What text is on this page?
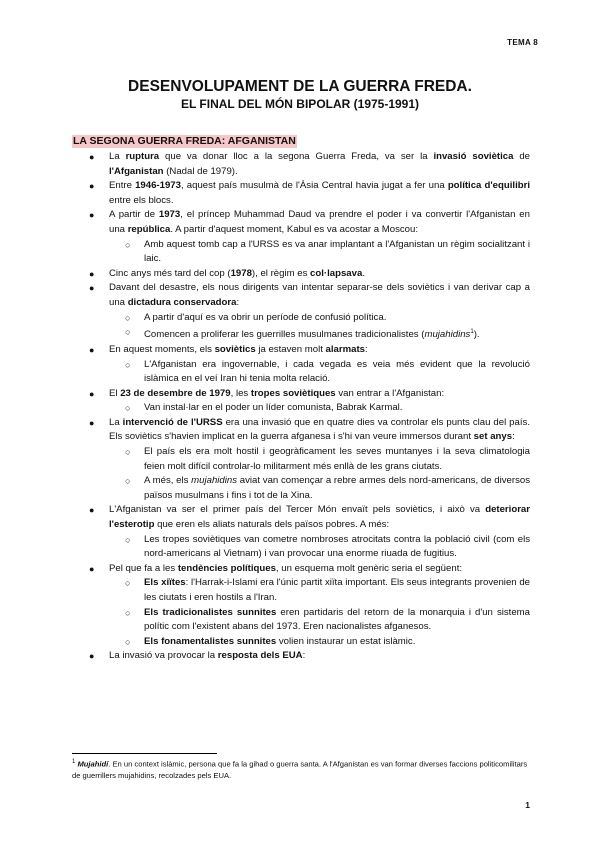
TEMA 8
DESENVOLUPAMENT DE LA GUERRA FREDA.
EL FINAL DEL MÓN BIPOLAR (1975-1991)
LA SEGONA GUERRA FREDA: AFGANISTAN
● La ruptura que va donar lloc a la segona Guerra Freda, va ser la invasió soviètica de l'Afganistan (Nadal de 1979).
● Entre 1946-1973, aquest país musulmà de l'Àsia Central havia jugat a fer una política d'equilibri entre els blocs.
● A partir de 1973, el príncep Muhammad Daud va prendre el poder i va convertir l'Afganistan en una república. A partir d'aquest moment, Kabul es va acostar a Moscou:
○ Amb aquest tomb cap a l'URSS es va anar implantant a l'Afganistan un règim socialitzant i laic.
● Cinc anys més tard del cop (1978), el règim es col·lapsava.
● Davant del desastre, els nous dirigents van intentar separar-se dels soviètics i van derivar cap a una dictadura conservadora:
○ A partir d'aquí es va obrir un període de confusió política.
○ Comencen a proliferar les guerrilles musulmanes tradicionalistes (mujahidins$^1$).
● En aquest moments, els soviètics ja estaven molt alarmats:
○ L'Afganistan era ingovernable, i cada vegada es veia més evident que la revolució islàmica en el veí Iran hi tenia molta relació.
● El 23 de desembre de 1979, les tropes soviètiques van entrar a l'Afganistan:
○ Van instal·lar en el poder un líder comunista, Babrak Karmal.
● La intervenció de l'URSS era una invasió que en quatre dies va controlar els punts clau del país. Els soviètics s'havien implicat en la guerra afganesa i s'hi van veure immersos durant set anys:
○ El país els era molt hostil i geogràficament les seves muntanyes i la seva climatologia feien molt difícil controlar-lo militarment més enllà de les grans ciutats.
○ A més, els mujahidins aviat van començar a rebre armes dels nord-americans, de diversos països musulmans i fins i tot de la Xina.
● L'Afganistan va ser el primer país del Tercer Món envaït pels soviètics, i això va deteriorar l'esterotip que eren els aliats naturals dels països pobres. A més:
○ Les tropes soviètiques van cometre nombroses atrocitats contra la població civil (com els nord-americans al Vietnam) i van provocar una enorme riuada de fugitius.
● Pel que fa a les tendències polítiques, un esquema molt genèric seria el següent:
○ Els xiïtes: l'Harrak-i-Islami era l'únic partit xiïta important. Els seus integrants provenien de les ciutats i eren hostils a l'Iran.
○ Els tradicionalistes sunnites eren partidaris del retorn de la monarquia i d'un sistema polític com l'existent abans del 1973. Eren nacionalistes afganesos.
○ Els fonamentalistes sunnites volien instaurar un estat islàmic.
● La invasió va provocar la resposta dels EUA:
$^1$ Mujahidí. En un context islàmic, persona que fa la gihad o guerra santa. A l'Afganistan es van formar diverses faccions politicomilitars de guerrillers mujahidins, recolzades pels EUA.
1
